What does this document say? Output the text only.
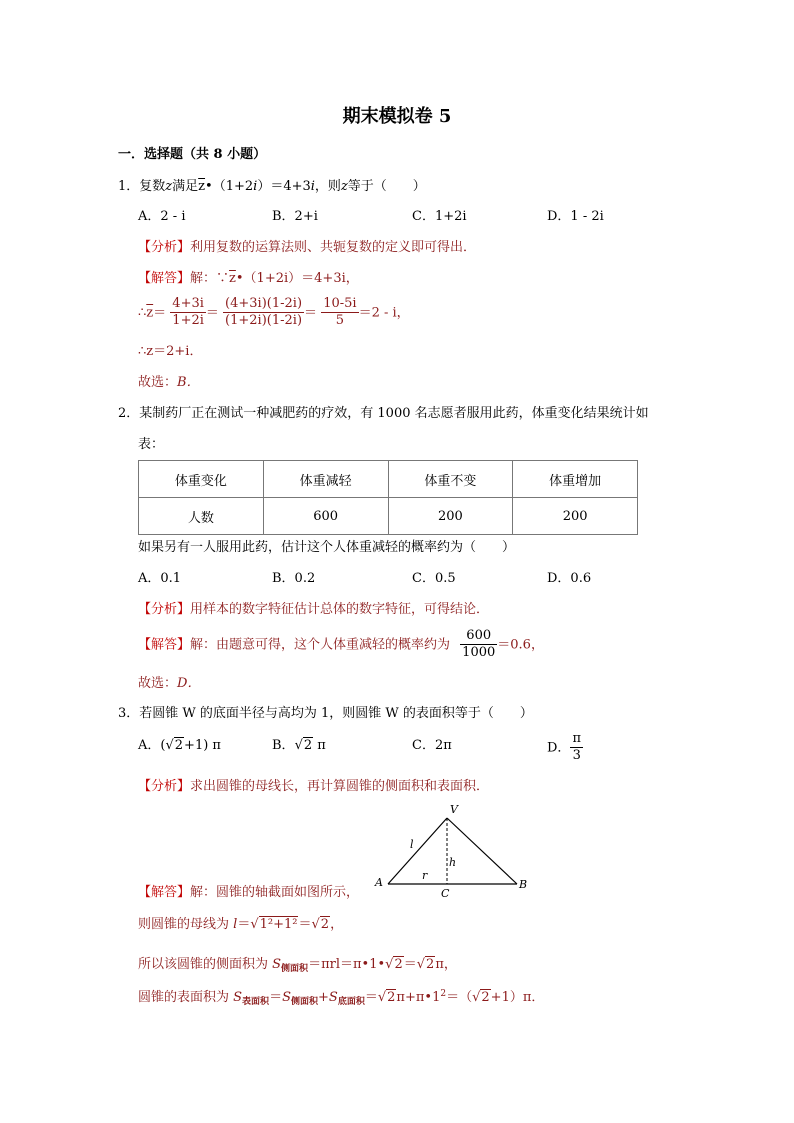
期末模拟卷 5
一．选择题（共 8 小题）
1．复数z满足$\overline{z}•(1+2i)=4+3i$，则z等于（　　）
A．2 - i	B．2+i	C．1+2i	D．1 - 2i
【分析】利用复数的运算法则、共轭复数的定义即可得出．
【解答】解：$\because\overline{z}•(1+2i)=4+3i$，
$\therefore\overline{z}= \frac{4+3i}{1+2i} = \frac{(4+3i)(1-2i)}{(1+2i)(1-2i)} = \frac{10-5i}{5} =2 - i$，
∴z＝2+i．
故选：B．
2．某制药厂正在测试一种减肥药的疗效，有 1000 名志愿者服用此药，体重变化结果统计如
表：
体重变化	体重减轻	体重不变	体重增加
人数	600	200	200
如果另有一人服用此药，估计这个人体重减轻的概率约为（　　）
A．0.1	B．0.2	C．0.5	D．0.6
【分析】用样本的数字特征估计总体的数字特征，可得结论．
【解答】解：由题意可得，这个人体重减轻的概率约为 $\frac{600}{1000} =0.6$，
故选：D．
3．若圆锥 W 的底面半径与高均为 1，则圆锥 W 的表面积等于（　　）
A．(√2+1) π	B．√2 π	C．2π	D． $\frac{\pi}{3}$
【分析】求出圆锥的母线长，再计算圆锥的侧面积和表面积．
V
l
h
r
A
C
B
【解答】解：圆锥的轴截面如图所示，
则圆锥的母线为 l＝√1²+1²＝√2，
所以该圆锥的侧面积为 $S_{侧面积}=\pi rl=\pi•1•√2=√2\pi$，
圆锥的表面积为 $S_{表面积}=S_{侧面积}+S_{底面积}=√2\pi+\pi•1^2=(√2+1)\pi$．
